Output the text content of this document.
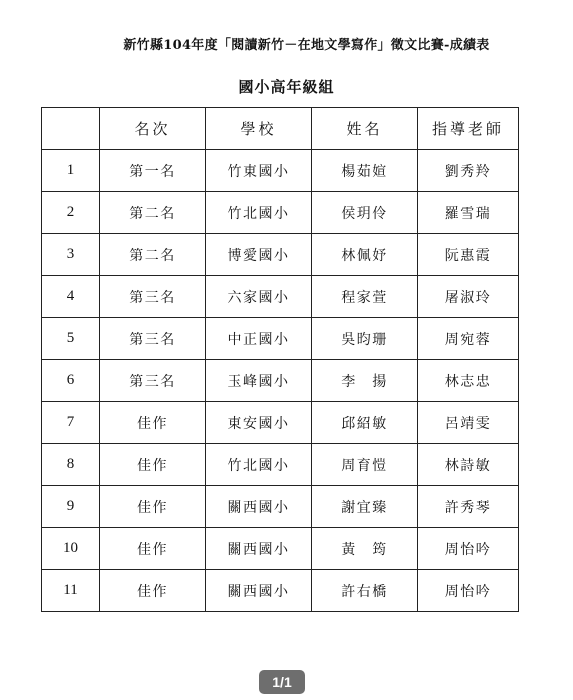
新竹縣104年度「閱讀新竹－在地文學寫作」徵文比賽-成績表
國小高年級組
	名次	學校	姓名	指導老師
1	第一名	竹東國小	楊茹媗	劉秀羚
2	第二名	竹北國小	侯玥伶	羅雪瑞
3	第二名	博愛國小	林佩妤	阮惠霞
4	第三名	六家國小	程家萱	屠淑玲
5	第三名	中正國小	吳昀珊	周宛蓉
6	第三名	玉峰國小	李　揚	林志忠
7	佳作	東安國小	邱紹敏	呂靖雯
8	佳作	竹北國小	周育愷	林詩敏
9	佳作	關西國小	謝宜臻	許秀琴
10	佳作	關西國小	黃　筠	周怡吟
11	佳作	關西國小	許右橋	周怡吟
1/1
